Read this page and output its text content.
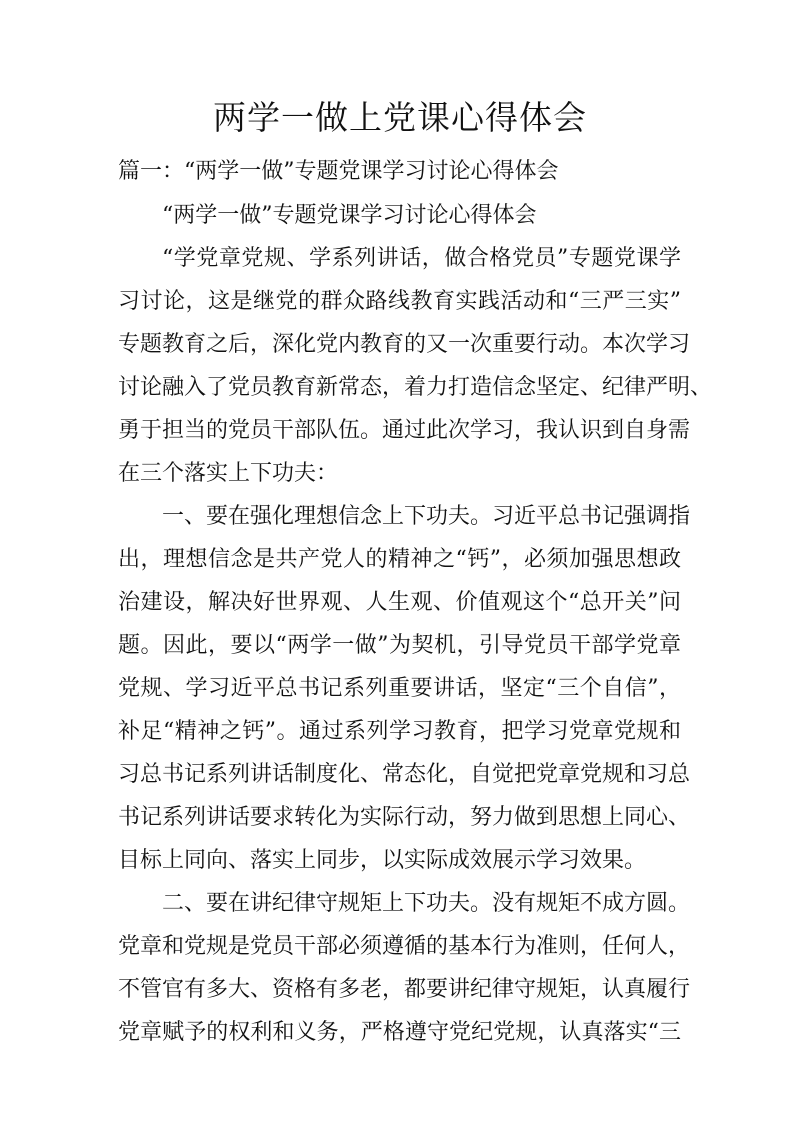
两学一做上党课心得体会
篇一：“两学一做”专题党课学习讨论心得体会
“两学一做”专题党课学习讨论心得体会
“学党章党规、学系列讲话，做合格党员”专题党课学
习讨论，这是继党的群众路线教育实践活动和“三严三实”
专题教育之后，深化党内教育的又一次重要行动。本次学习
讨论融入了党员教育新常态，着力打造信念坚定、纪律严明、
勇于担当的党员干部队伍。通过此次学习，我认识到自身需
在三个落实上下功夫：
一、要在强化理想信念上下功夫。习近平总书记强调指
出，理想信念是共产党人的精神之“钙”，必须加强思想政
治建设，解决好世界观、人生观、价值观这个“总开关”问
题。因此，要以“两学一做”为契机，引导党员干部学党章
党规、学习近平总书记系列重要讲话，坚定“三个自信”，
补足“精神之钙”。通过系列学习教育，把学习党章党规和
习总书记系列讲话制度化、常态化，自觉把党章党规和习总
书记系列讲话要求转化为实际行动，努力做到思想上同心、
目标上同向、落实上同步，以实际成效展示学习效果。
二、要在讲纪律守规矩上下功夫。没有规矩不成方圆。
党章和党规是党员干部必须遵循的基本行为准则，任何人，
不管官有多大、资格有多老，都要讲纪律守规矩，认真履行
党章赋予的权利和义务，严格遵守党纪党规，认真落实“三
